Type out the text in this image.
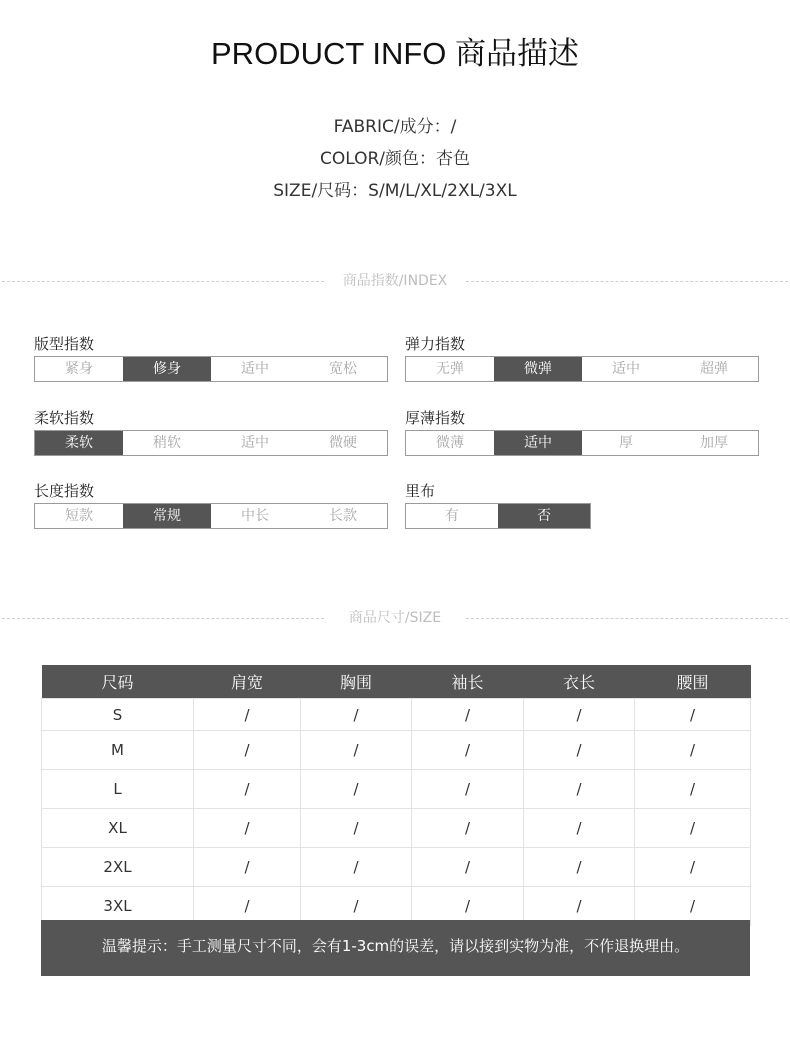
PRODUCT INFO 商品描述
FABRIC/成分：/
COLOR/颜色：杏色
SIZE/尺码：S/M/L/XL/2XL/3XL
商品指数/INDEX
版型指数
紧身	修身	适中	宽松
弹力指数
无弹	微弹	适中	超弹
柔软指数
柔软	稍软	适中	微硬
厚薄指数
微薄	适中	厚	加厚
长度指数
短款	常规	中长	长款
里布
有	否
商品尺寸/SIZE
尺码	肩宽	胸围	袖长	衣长	腰围
S	/	/	/	/	/
M	/	/	/	/	/
L	/	/	/	/	/
XL	/	/	/	/	/
2XL	/	/	/	/	/
3XL	/	/	/	/	/
温馨提示：手工测量尺寸不同，会有1-3cm的误差，请以接到实物为准，不作退换理由。
